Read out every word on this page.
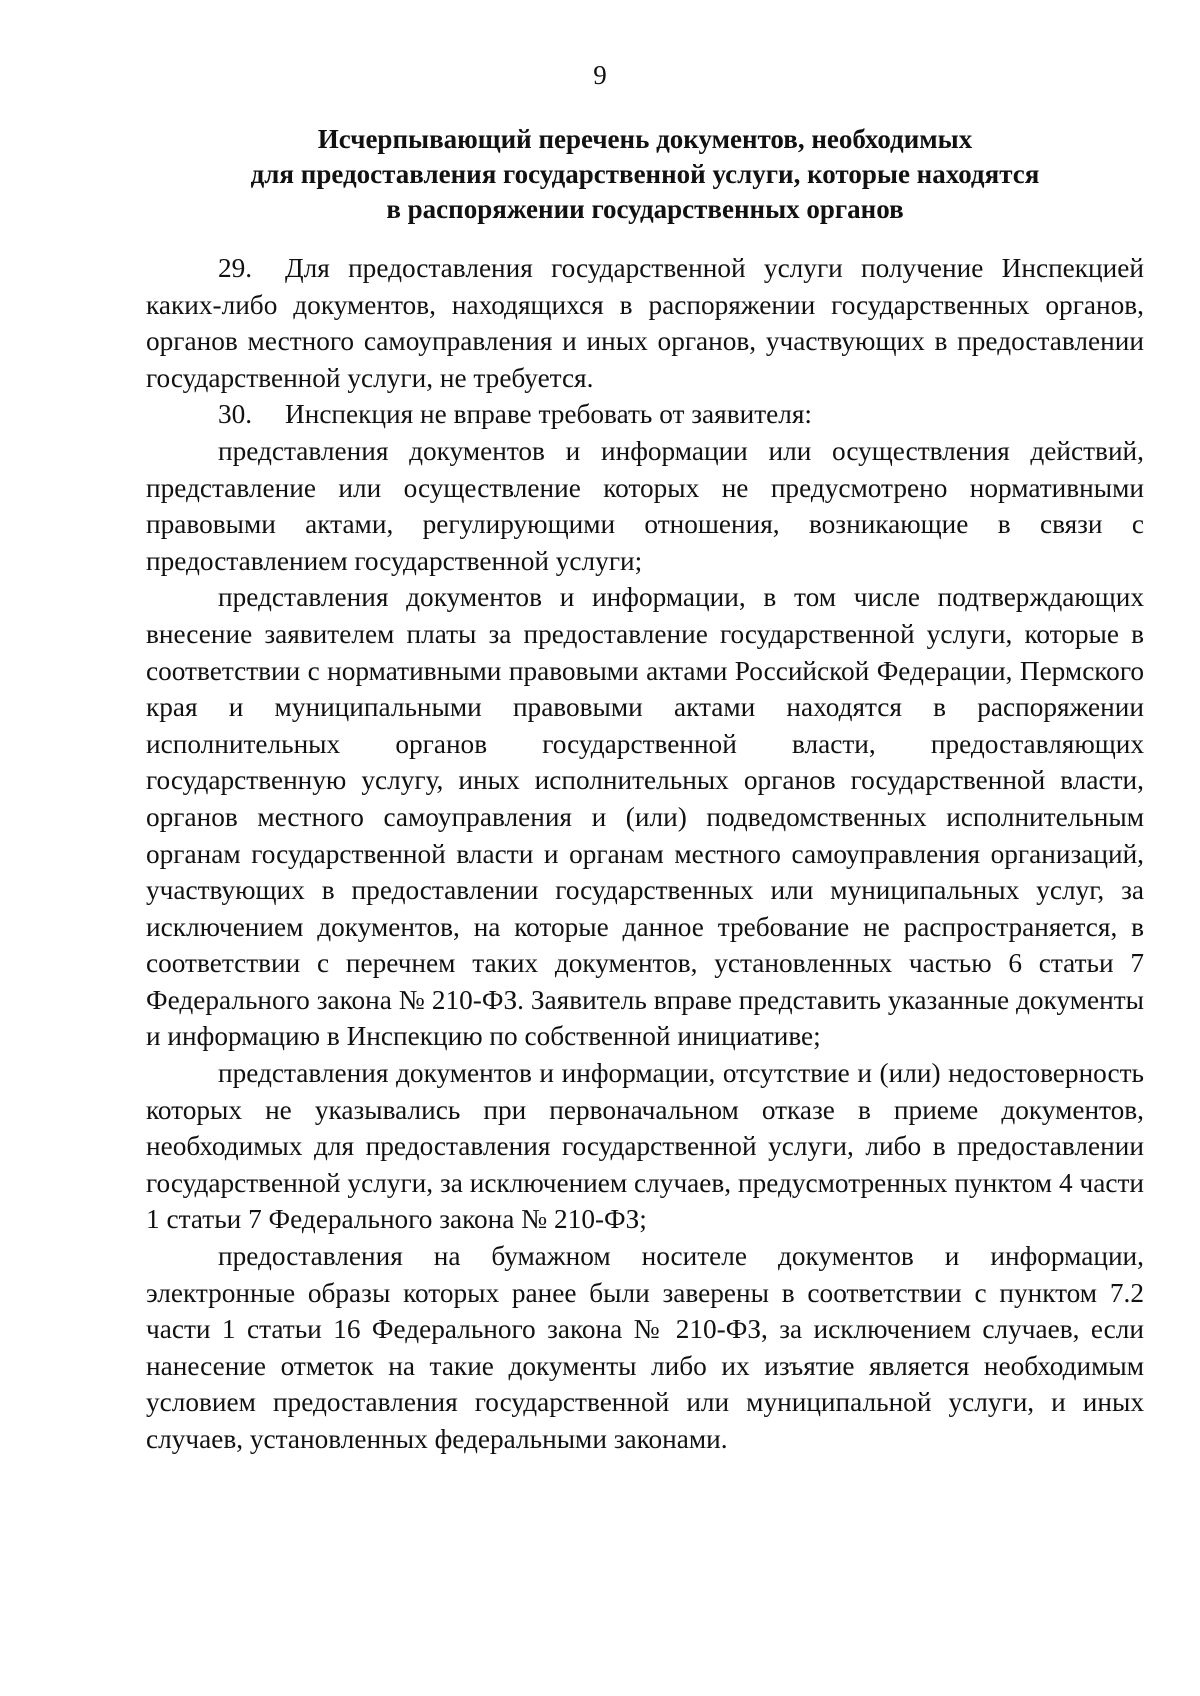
9
Исчерпывающий перечень документов, необходимых
для предоставления государственной услуги, которые находятся
в распоряжении государственных органов

29. Для предоставления государственной услуги получение Инспекцией каких-либо документов, находящихся в распоряжении государственных органов, органов местного самоуправления и иных органов, участвующих в предоставлении государственной услуги, не требуется.

30. Инспекция не вправе требовать от заявителя:

представления документов и информации или осуществления действий, представление или осуществление которых не предусмотрено нормативными правовыми актами, регулирующими отношения, возникающие в связи с предоставлением государственной услуги;

представления документов и информации, в том числе подтверждающих внесение заявителем платы за предоставление государственной услуги, которые в соответствии с нормативными правовыми актами Российской Федерации, Пермского края и муниципальными правовыми актами находятся в распоряжении исполнительных органов государственной власти, предоставляющих государственную услугу, иных исполнительных органов государственной власти, органов местного самоуправления и (или) подведомственных исполнительным органам государственной власти и органам местного самоуправления организаций, участвующих в предоставлении государственных или муниципальных услуг, за исключением документов, на которые данное требование не распространяется, в соответствии с перечнем таких документов, установленных частью 6 статьи 7 Федерального закона № 210-ФЗ. Заявитель вправе представить указанные документы и информацию в Инспекцию по собственной инициативе;

представления документов и информации, отсутствие и (или) недостоверность которых не указывались при первоначальном отказе в приеме документов, необходимых для предоставления государственной услуги, либо в предоставлении государственной услуги, за исключением случаев, предусмотренных пунктом 4 части 1 статьи 7 Федерального закона № 210-ФЗ;

предоставления на бумажном носителе документов и информации, электронные образы которых ранее были заверены в соответствии с пунктом 7.2 части 1 статьи 16 Федерального закона № 210-ФЗ, за исключением случаев, если нанесение отметок на такие документы либо их изъятие является необходимым условием предоставления государственной или муниципальной услуги, и иных случаев, установленных федеральными законами.
